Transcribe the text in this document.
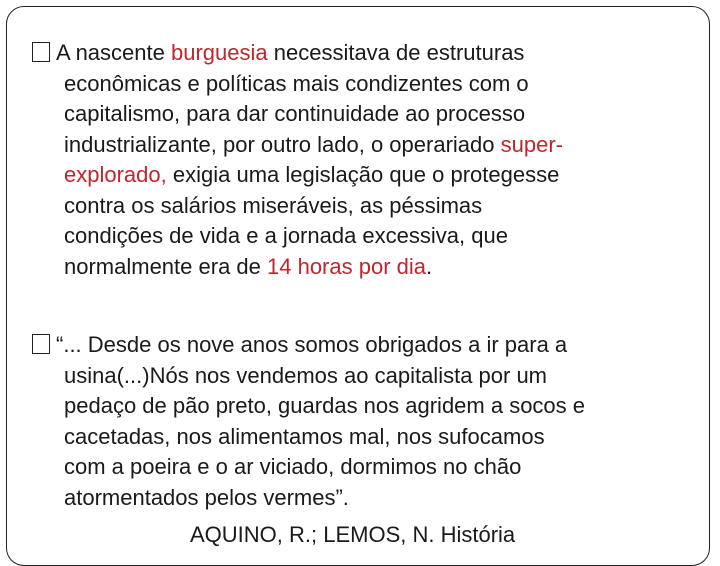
A nascente burguesia necessitava de estruturas
econômicas e políticas mais condizentes com o
capitalismo, para dar continuidade ao processo
industrializante, por outro lado, o operariado super-
explorado, exigia uma legislação que o protegesse
contra os salários miseráveis, as péssimas
condições de vida e a jornada excessiva, que
normalmente era de 14 horas por dia.

“... Desde os nove anos somos obrigados a ir para a
usina(...)Nós nos vendemos ao capitalista por um
pedaço de pão preto, guardas nos agridem a socos e
cacetadas, nos alimentamos mal, nos sufocamos
com a poeira e o ar viciado, dormimos no chão
atormentados pelos vermes”.

AQUINO, R.; LEMOS, N. História
